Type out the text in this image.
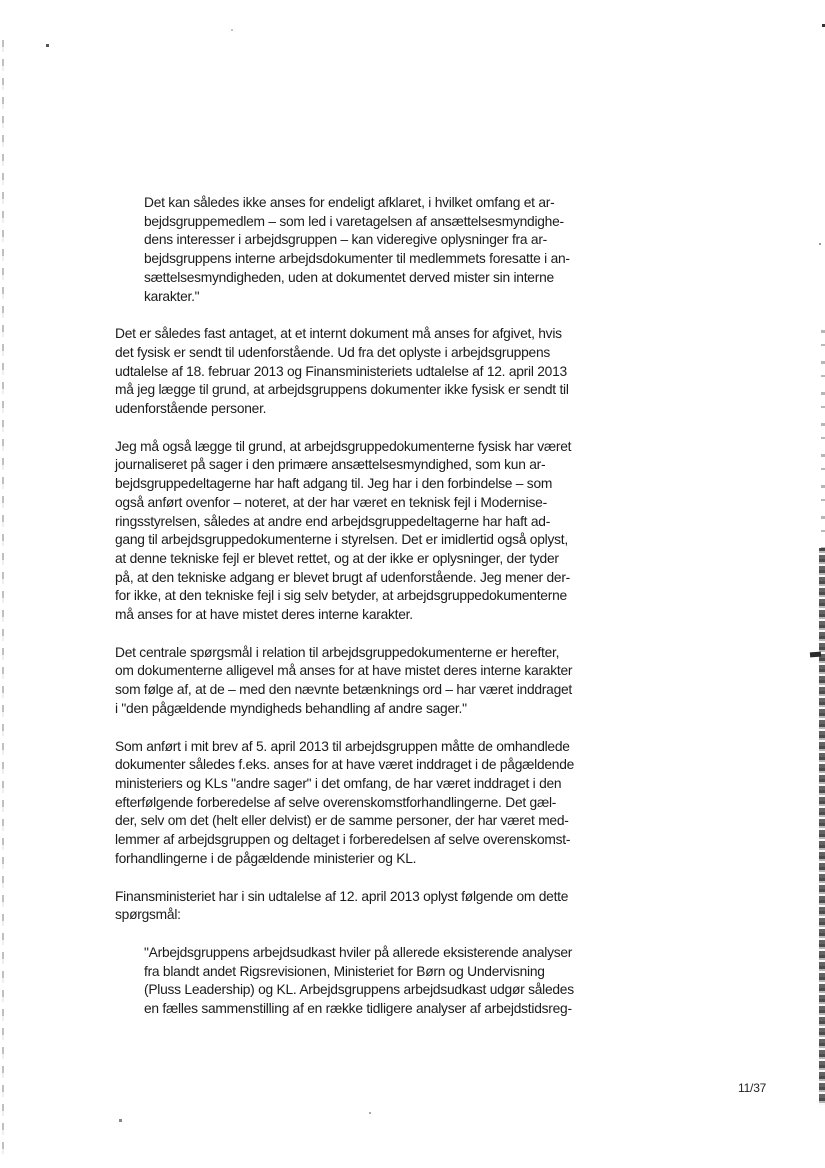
Det kan således ikke anses for endeligt afklaret, i hvilket omfang et ar-
bejdsgruppemedlem – som led i varetagelsen af ansættelsesmyndighe-
dens interesser i arbejdsgruppen – kan videregive oplysninger fra ar-
bejdsgruppens interne arbejdsdokumenter til medlemmets foresatte i an-
sættelsesmyndigheden, uden at dokumentet derved mister sin interne
karakter."
Det er således fast antaget, at et internt dokument må anses for afgivet, hvis
det fysisk er sendt til udenforstående. Ud fra det oplyste i arbejdsgruppens
udtalelse af 18. februar 2013 og Finansministeriets udtalelse af 12. april 2013
må jeg lægge til grund, at arbejdsgruppens dokumenter ikke fysisk er sendt til
udenforstående personer.
Jeg må også lægge til grund, at arbejdsgruppedokumenterne fysisk har været
journaliseret på sager i den primære ansættelsesmyndighed, som kun ar-
bejdsgruppedeltagerne har haft adgang til. Jeg har i den forbindelse – som
også anført ovenfor – noteret, at der har været en teknisk fejl i Modernise-
ringsstyrelsen, således at andre end arbejdsgruppedeltagerne har haft ad-
gang til arbejdsgruppedokumenterne i styrelsen. Det er imidlertid også oplyst,
at denne tekniske fejl er blevet rettet, og at der ikke er oplysninger, der tyder
på, at den tekniske adgang er blevet brugt af udenforstående. Jeg mener der-
for ikke, at den tekniske fejl i sig selv betyder, at arbejdsgruppedokumenterne
må anses for at have mistet deres interne karakter.
Det centrale spørgsmål i relation til arbejdsgruppedokumenterne er herefter,
om dokumenterne alligevel må anses for at have mistet deres interne karakter
som følge af, at de – med den nævnte betænknings ord – har været inddraget
i "den pågældende myndigheds behandling af andre sager."
Som anført i mit brev af 5. april 2013 til arbejdsgruppen måtte de omhandlede
dokumenter således f.eks. anses for at have været inddraget i de pågældende
ministeriers og KLs "andre sager" i det omfang, de har været inddraget i den
efterfølgende forberedelse af selve overenskomstforhandlingerne. Det gæl-
der, selv om det (helt eller delvist) er de samme personer, der har været med-
lemmer af arbejdsgruppen og deltaget i forberedelsen af selve overenskomst-
forhandlingerne i de pågældende ministerier og KL.
Finansministeriet har i sin udtalelse af 12. april 2013 oplyst følgende om dette
spørgsmål:
"Arbejdsgruppens arbejdsudkast hviler på allerede eksisterende analyser
fra blandt andet Rigsrevisionen, Ministeriet for Børn og Undervisning
(Pluss Leadership) og KL. Arbejdsgruppens arbejdsudkast udgør således
en fælles sammenstilling af en række tidligere analyser af arbejdstidsreg-
11/37
